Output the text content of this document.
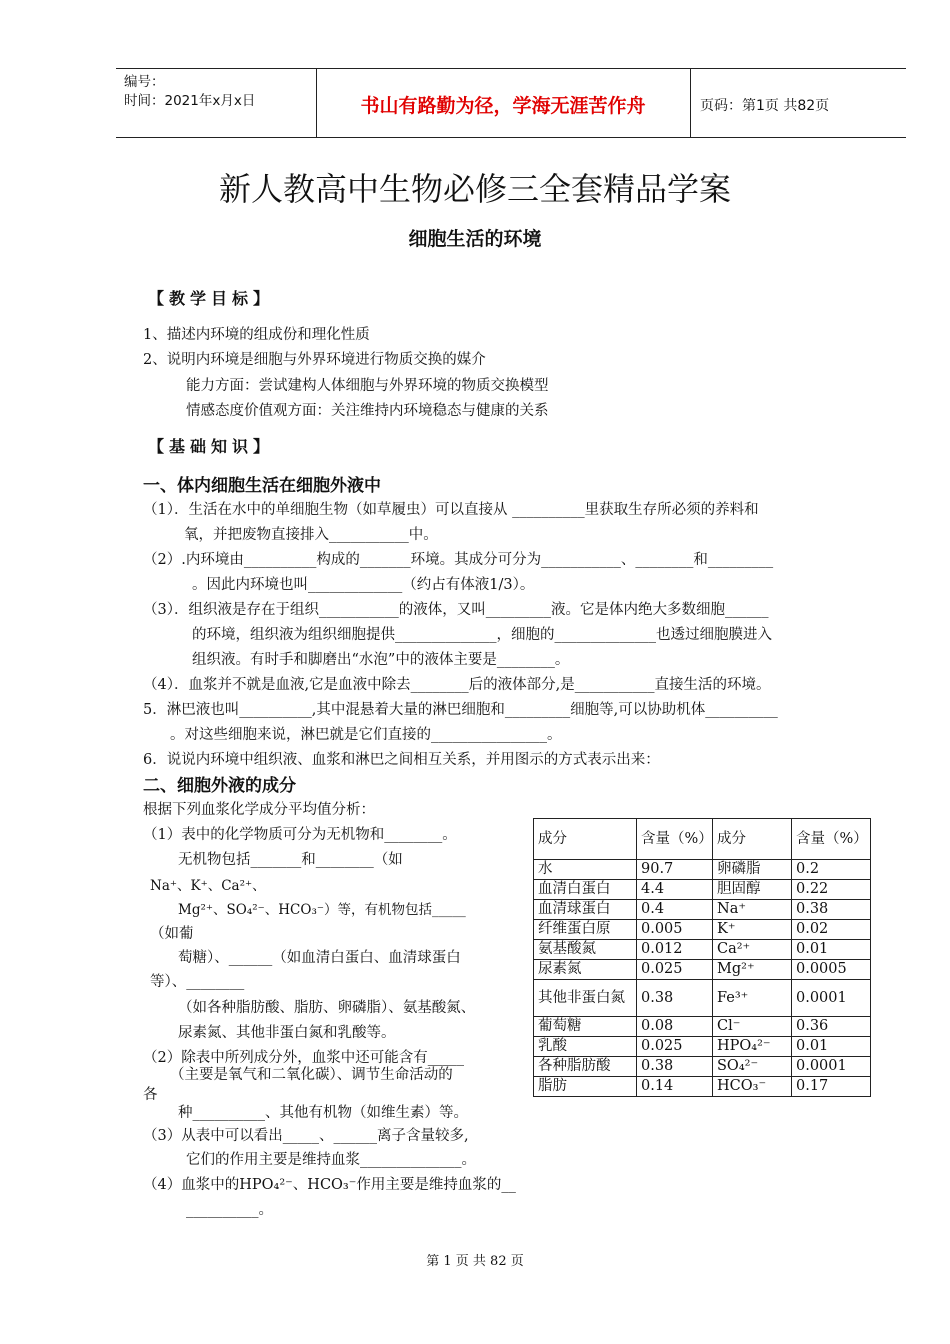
编号：
时间：2021年x月x日	书山有路勤为径，学海无涯苦作舟	页码：第1页 共82页
新人教高中生物必修三全套精品学案
细胞生活的环境
【教学目标】
1、描述内环境的组成份和理化性质
2、说明内环境是细胞与外界环境进行物质交换的媒介
能力方面：尝试建构人体细胞与外界环境的物质交换模型
情感态度价值观方面：关注维持内环境稳态与健康的关系
【基础知识】
一、体内细胞生活在细胞外液中
（1）．生活在水中的单细胞生物（如草履虫）可以直接从 __________里获取生存所必须的养料和
氧，并把废物直接排入___________中。
（2）.内环境由__________构成的_______环境。其成分可分为___________、________和_________
。因此内环境也叫_____________（约占有体液1/3）。
（3）．组织液是存在于组织___________的液体，又叫_________液。它是体内绝大多数细胞______
的环境，组织液为组织细胞提供______________，细胞的______________也透过细胞膜进入
组织液。有时手和脚磨出“水泡”中的液体主要是________。
（4）．血浆并不就是血液,它是血液中除去________后的液体部分,是___________直接生活的环境。
5．淋巴液也叫__________,其中混悬着大量的淋巴细胞和_________细胞等,可以协助机体__________
。对这些细胞来说，淋巴就是它们直接的________________。
6．说说内环境中组织液、血浆和淋巴之间相互关系，并用图示的方式表示出来：
二、细胞外液的成分
根据下列血浆化学成分平均值分析：
（1）表中的化学物质可分为无机物和________。
无机物包括_______和________（如
Na⁺、K⁺、Ca²⁺、
Mg²⁺、SO₄²⁻、HCO₃⁻）等，有机物包括_____
（如葡
萄糖）、______（如血清白蛋白、血清球蛋白
等）、________
（如各种脂肪酸、脂肪、卵磷脂）、氨基酸氮、
尿素氮、其他非蛋白氮和乳酸等。
（2）除表中所列成分外，血浆中还可能含有_____
（主要是氧气和二氧化碳）、调节生命活动的
各
种__________、其他有机物（如维生素）等。
（3）从表中可以看出_____、______离子含量较多,
它们的作用主要是维持血浆______________。
（4）血浆中的HPO₄²⁻、HCO₃⁻作用主要是维持血浆的__
__________。
成分	含量（%）	成分	含量（%）
水	90.7	卵磷脂	0.2
血清白蛋白	4.4	胆固醇	0.22
血清球蛋白	0.4	Na⁺	0.38
纤维蛋白原	0.005	K⁺	0.02
氨基酸氮	0.012	Ca²⁺	0.01
尿素氮	0.025	Mg²⁺	0.0005
其他非蛋白氮	0.38	Fe³⁺	0.0001
葡萄糖	0.08	Cl⁻	0.36
乳酸	0.025	HPO₄²⁻	0.01
各种脂肪酸	0.38	SO₄²⁻	0.0001
脂肪	0.14	HCO₃⁻	0.17
第 1 页 共 82 页
